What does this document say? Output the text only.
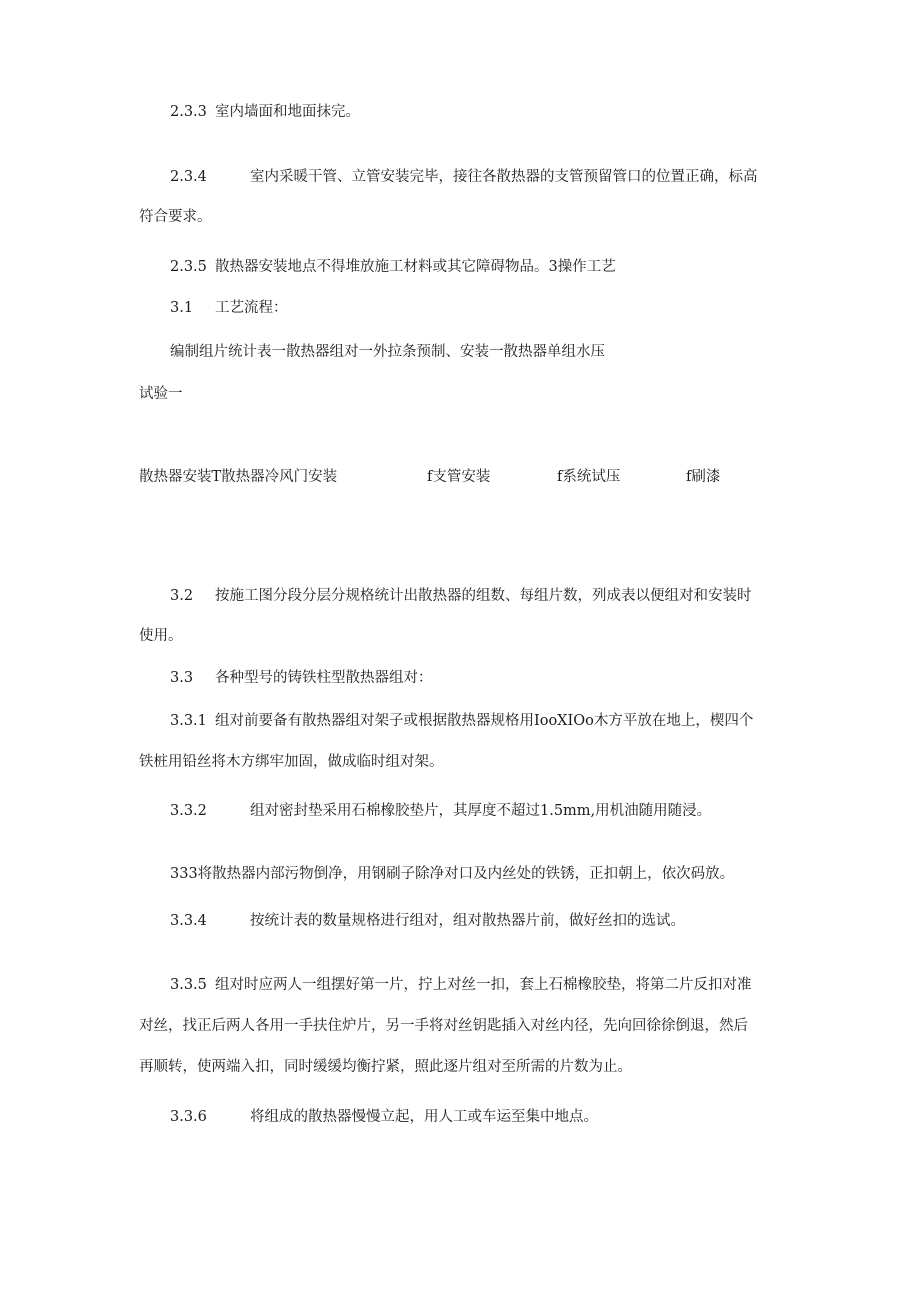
2.3.3 室内墙面和地面抹完。
2.3.4	室内采暖干管、立管安装完毕，接往各散热器的支管预留管口的位置正确，标高
符合要求。
2.3.5 散热器安装地点不得堆放施工材料或其它障碍物品。3操作工艺
3.1 工艺流程：
编制组片统计表一散热器组对一外拉条预制、安装一散热器单组水压
试验一
散热器安装T散热器冷风门安装	f支管安装	f系统试压	f刷漆
3.2 按施工图分段分层分规格统计出散热器的组数、每组片数，列成表以便组对和安装时
使用。
3.3 各种型号的铸铁柱型散热器组对：
3.3.1 组对前要备有散热器组对架子或根据散热器规格用IooXIOo木方平放在地上，楔四个
铁桩用铅丝将木方绑牢加固，做成临时组对架。
3.3.2	组对密封垫采用石棉橡胶垫片，其厚度不超过1.5mm,用机油随用随浸。
333将散热器内部污物倒净，用钢刷子除净对口及内丝处的铁锈，正扣朝上，依次码放。
3.3.4	按统计表的数量规格进行组对，组对散热器片前，做好丝扣的选试。
3.3.5 组对时应两人一组摆好第一片，拧上对丝一扣，套上石棉橡胶垫，将第二片反扣对准
对丝，找正后两人各用一手扶住炉片，另一手将对丝钥匙插入对丝内径，先向回徐徐倒退，然后
再顺转，使两端入扣，同时缓缓均衡拧紧，照此逐片组对至所需的片数为止。
3.3.6	将组成的散热器慢慢立起，用人工或车运至集中地点。
